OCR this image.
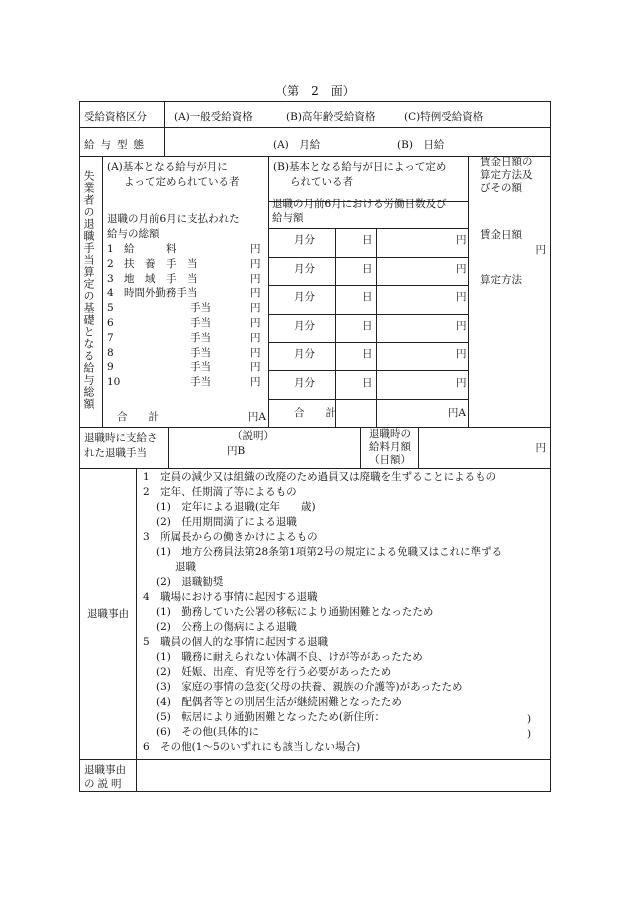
（第　2　面）
受給資格区分	(A)一般受給資格	(B)高年齢受給資格	(C)特例受給資格
給与型態	(A)　月給	(B)　日給
失業者の退職手当算定の基礎となる給与総額
(A)基本となる給与が月に
よって定められている者
(B)基本となる給与が日によって定め
られている者
賃金日額の
算定方法及
びその額
退職の月前6月に支払われた
給与の総額
1 給　　　料	円
2 扶　養　手　当	円
3 地　域　手　当	円
4 時間外勤務手当	円
5	手当	円
6	手当	円
7	手当	円
8	手当	円
9	手当	円
10	手当	円
合　　計	円A
退職の月前6月における労働日数及び
給与額
月分	日	円
月分	日	円
月分	日	円
月分	日	円
月分	日	円
月分	日	円
合　　計	円A
賃金日額
円
算定方法
退職時に支給さ
れた退職手当
（説明）
円B
退職時の
給料月額
（日額）
円
退職事由
1　定員の減少又は組織の改廃のため過員又は廃職を生ずることによるもの
2　定年、任期満了等によるもの
(1)　定年による退職(定年　　歳)
(2)　任用期間満了による退職
3　所属長からの働きかけによるもの
(1)　地方公務員法第28条第1項第2号の規定による免職又はこれに準ずる
退職
(2)　退職勧奨
4　職場における事情に起因する退職
(1)　勤務していた公署の移転により通勤困難となったため
(2)　公務上の傷病による退職
5　職員の個人的な事情に起因する退職
(1)　職務に耐えられない体調不良、けが等があったため
(2)　妊娠、出産、育児等を行う必要があったため
(3)　家庭の事情の急変(父母の扶養、親族の介護等)があったため
(4)　配偶者等との別居生活が継続困難となったため
(5)　転居により通勤困難となったため(新住所：
(6)　その他(具体的に
6　その他(1～5のいずれにも該当しない場合)
)
)
退職事由
の説明
